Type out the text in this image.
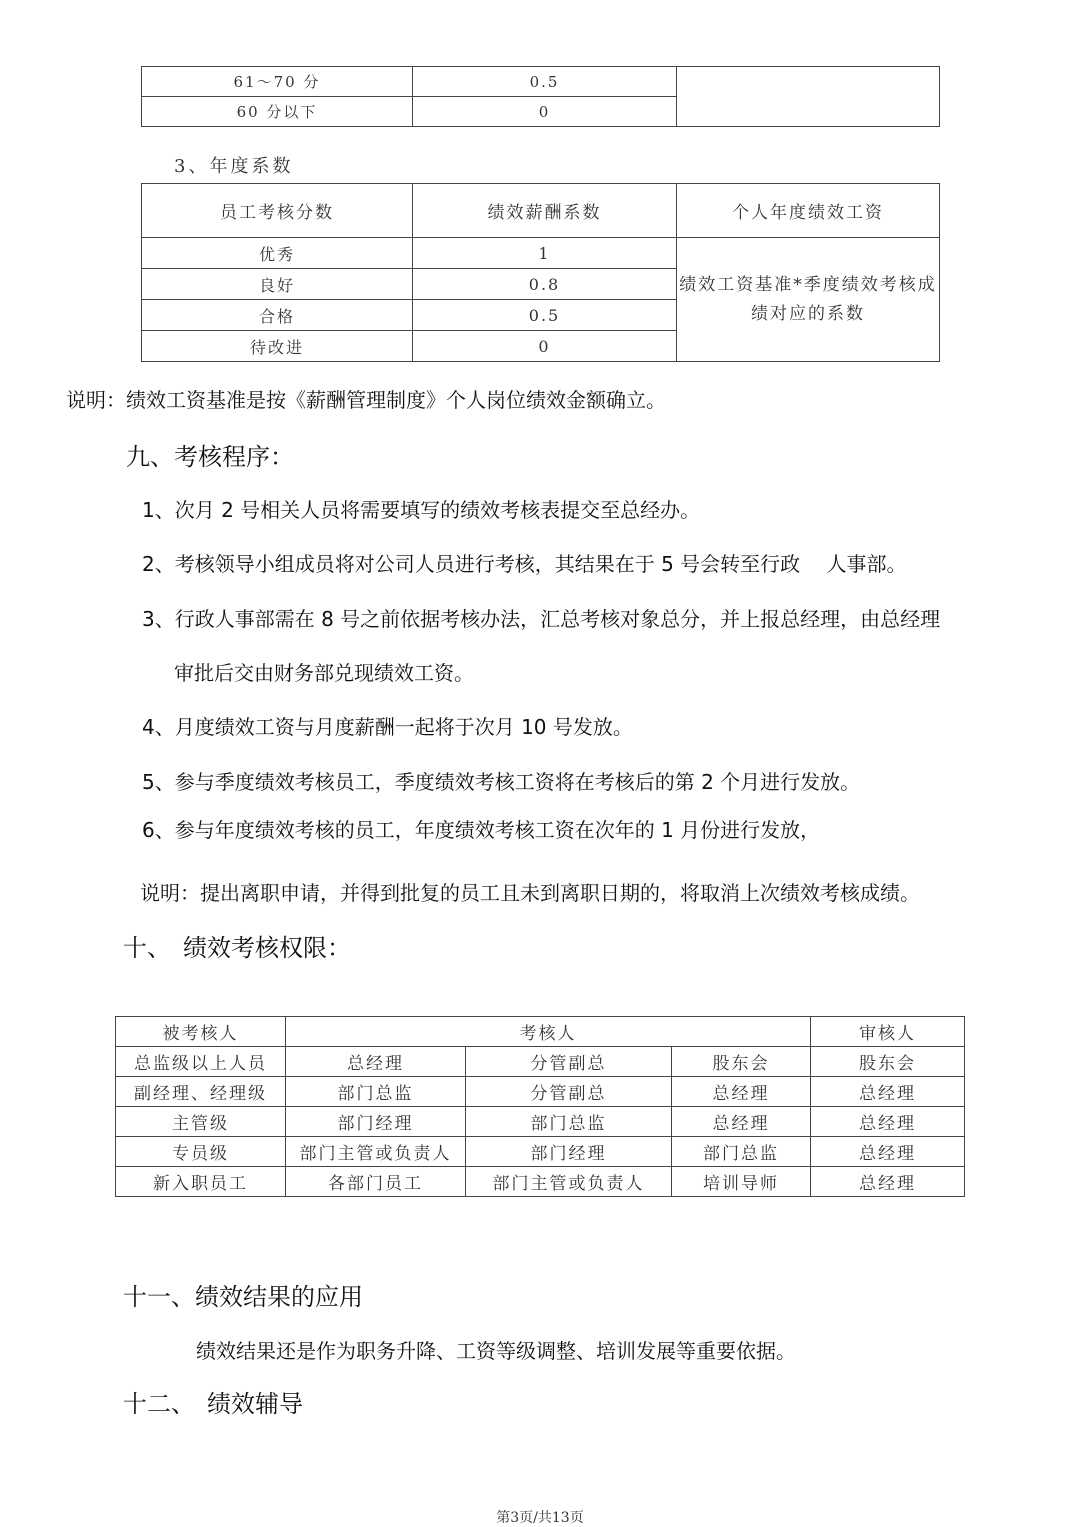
61～70 分	0.5	
60 分以下	0	
3、年度系数
员工考核分数	绩效薪酬系数	个人年度绩效工资
优秀	1	绩效工资基准*季度绩效考核成绩对应的系数
良好	0.8	
合格	0.5	
待改进	0	
说明：绩效工资基准是按《薪酬管理制度》个人岗位绩效金额确立。
九、考核程序：
1、次月 2 号相关人员将需要填写的绩效考核表提交至总经办。
2、考核领导小组成员将对公司人员进行考核，其结果在于 5 号会转至行政　 人事部。
3、行政人事部需在 8 号之前依据考核办法，汇总考核对象总分，并上报总经理，由总经理
审批后交由财务部兑现绩效工资。
4、月度绩效工资与月度薪酬一起将于次月 10 号发放。
5、参与季度绩效考核员工，季度绩效考核工资将在考核后的第 2 个月进行发放。
6、参与年度绩效考核的员工，年度绩效考核工资在次年的 1 月份进行发放，
说明：提出离职申请，并得到批复的员工且未到离职日期的，将取消上次绩效考核成绩。
十、　绩效考核权限：
被考核人	考核人			审核人
总监级以上人员	总经理	分管副总	股东会	股东会
副经理、经理级	部门总监	分管副总	总经理	总经理
主管级	部门经理	部门总监	总经理	总经理
专员级	部门主管或负责人	部门经理	部门总监	总经理
新入职员工	各部门员工	部门主管或负责人	培训导师	总经理
十一、绩效结果的应用
绩效结果还是作为职务升降、工资等级调整、培训发展等重要依据。
十二、　绩效辅导
第3页/共13页
